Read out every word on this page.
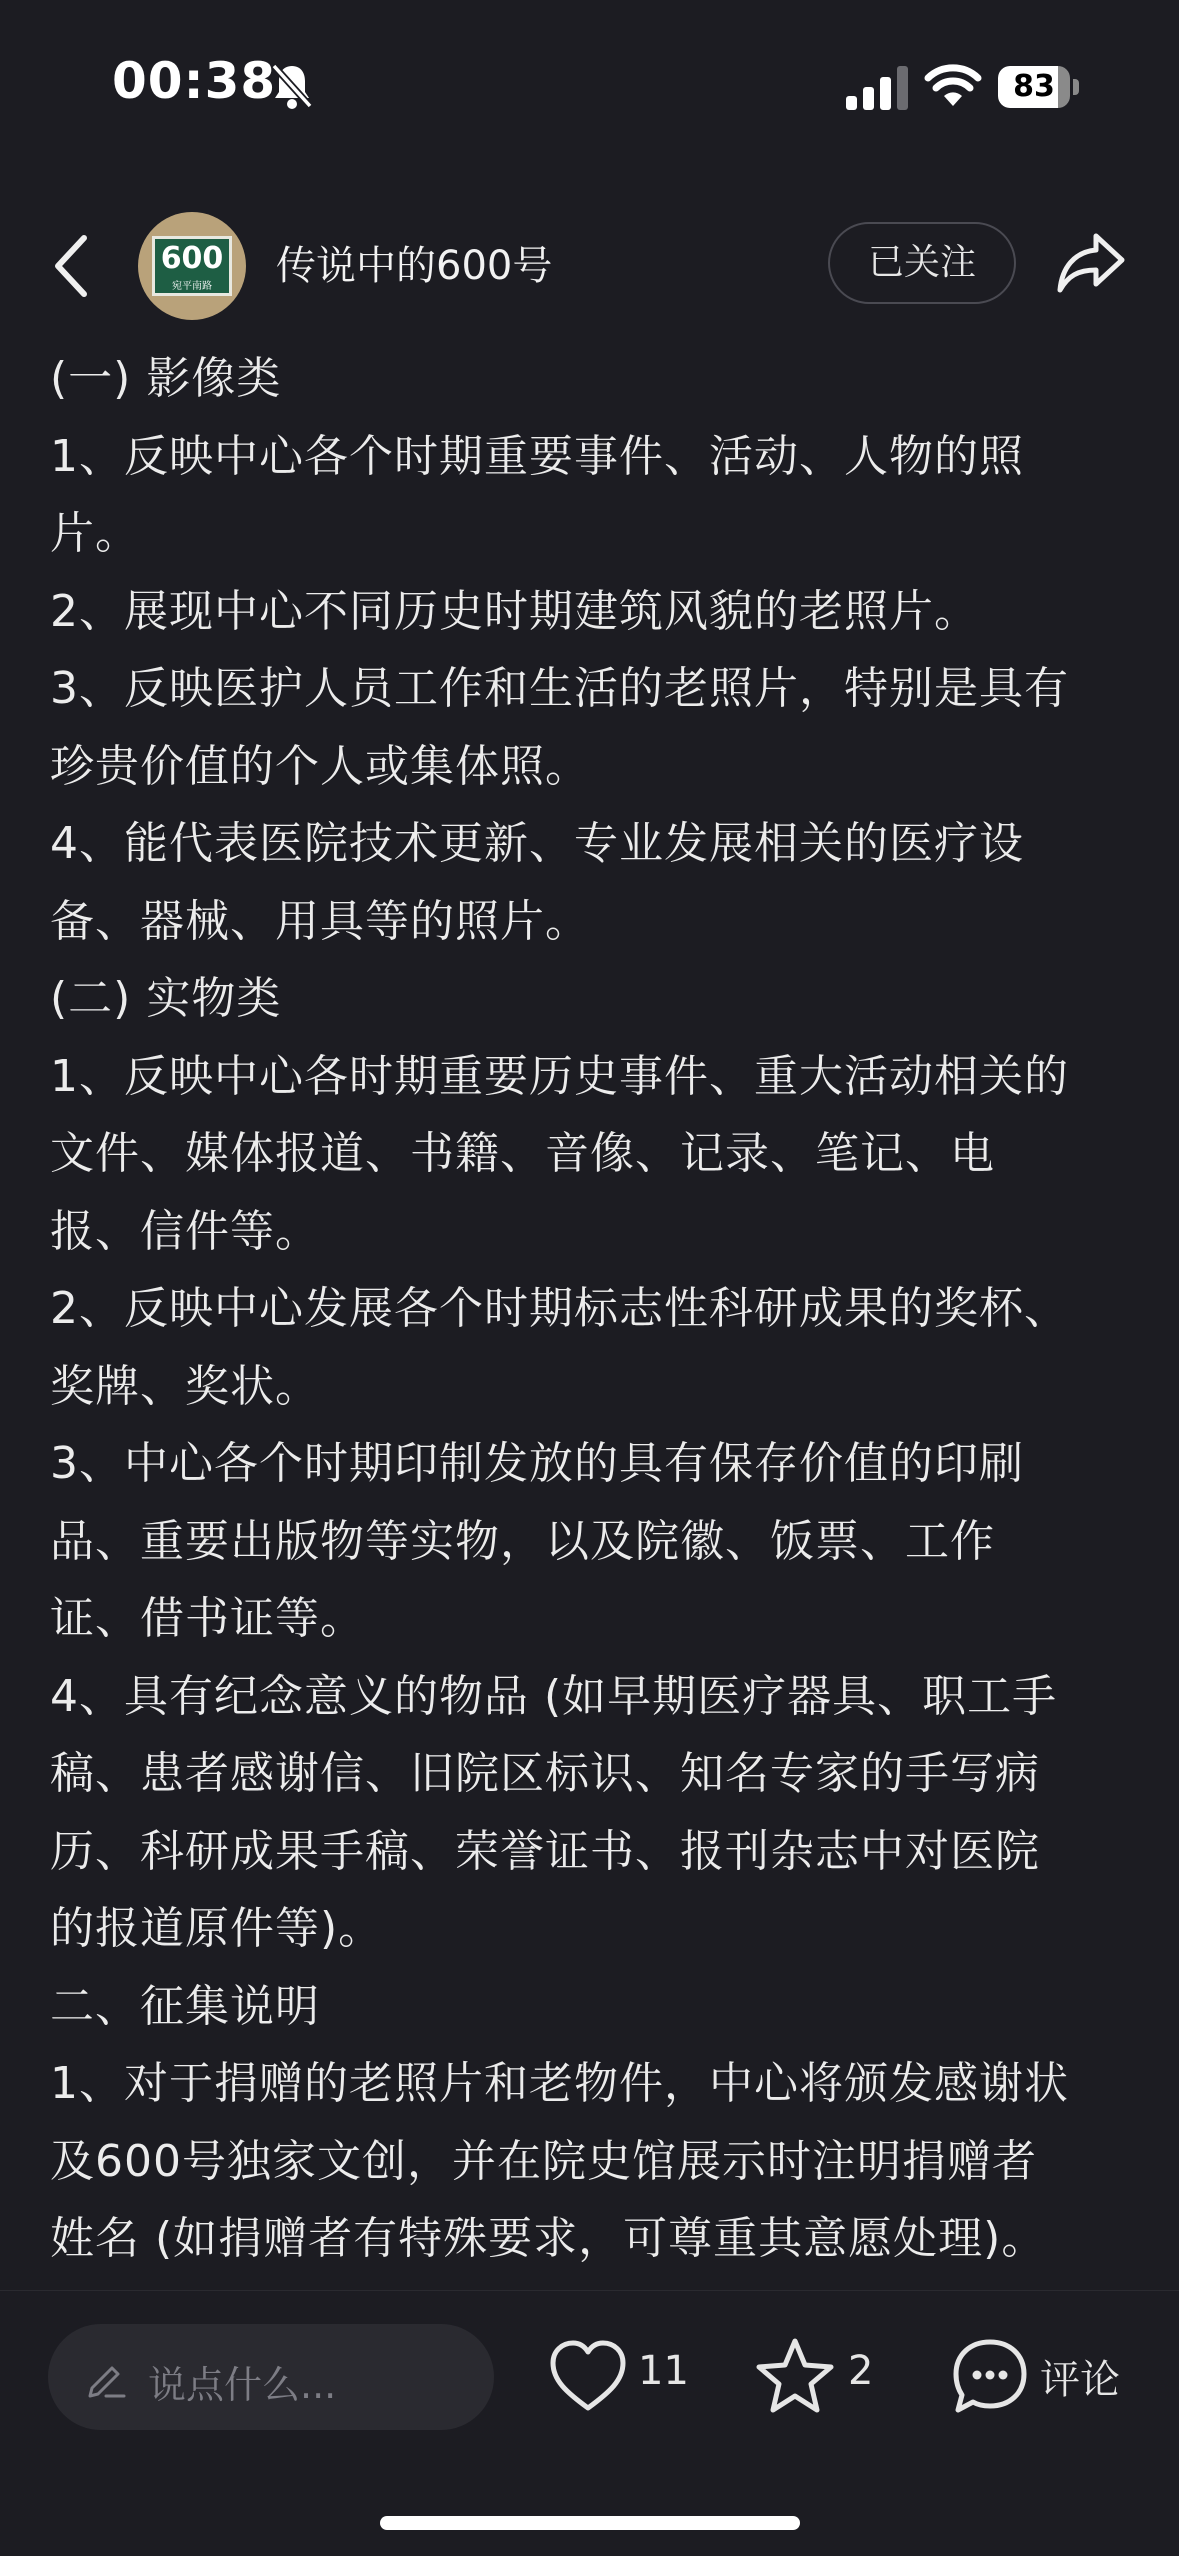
00:38	83
600
宛平南路	传说中的600号	已关注

(一) 影像类

1、反映中心各个时期重要事件、活动、人物的照

片。

2、展现中心不同历史时期建筑风貌的老照片。

3、反映医护人员工作和生活的老照片，特别是具有

珍贵价值的个人或集体照。

4、能代表医院技术更新、专业发展相关的医疗设

备、器械、用具等的照片。

(二) 实物类

1、反映中心各时期重要历史事件、重大活动相关的

文件、媒体报道、书籍、音像、记录、笔记、电

报、信件等。

2、反映中心发展各个时期标志性科研成果的奖杯、

奖牌、奖状。

3、中心各个时期印制发放的具有保存价值的印刷

品、重要出版物等实物，以及院徽、饭票、工作

证、借书证等。

4、具有纪念意义的物品 (如早期医疗器具、职工手

稿、患者感谢信、旧院区标识、知名专家的手写病

历、科研成果手稿、荣誉证书、报刊杂志中对医院

的报道原件等)。

二、征集说明

1、对于捐赠的老照片和老物件，中心将颁发感谢状

及600号独家文创，并在院史馆展示时注明捐赠者

姓名 (如捐赠者有特殊要求，可尊重其意愿处理)。

说点什么...	11	2	评论
